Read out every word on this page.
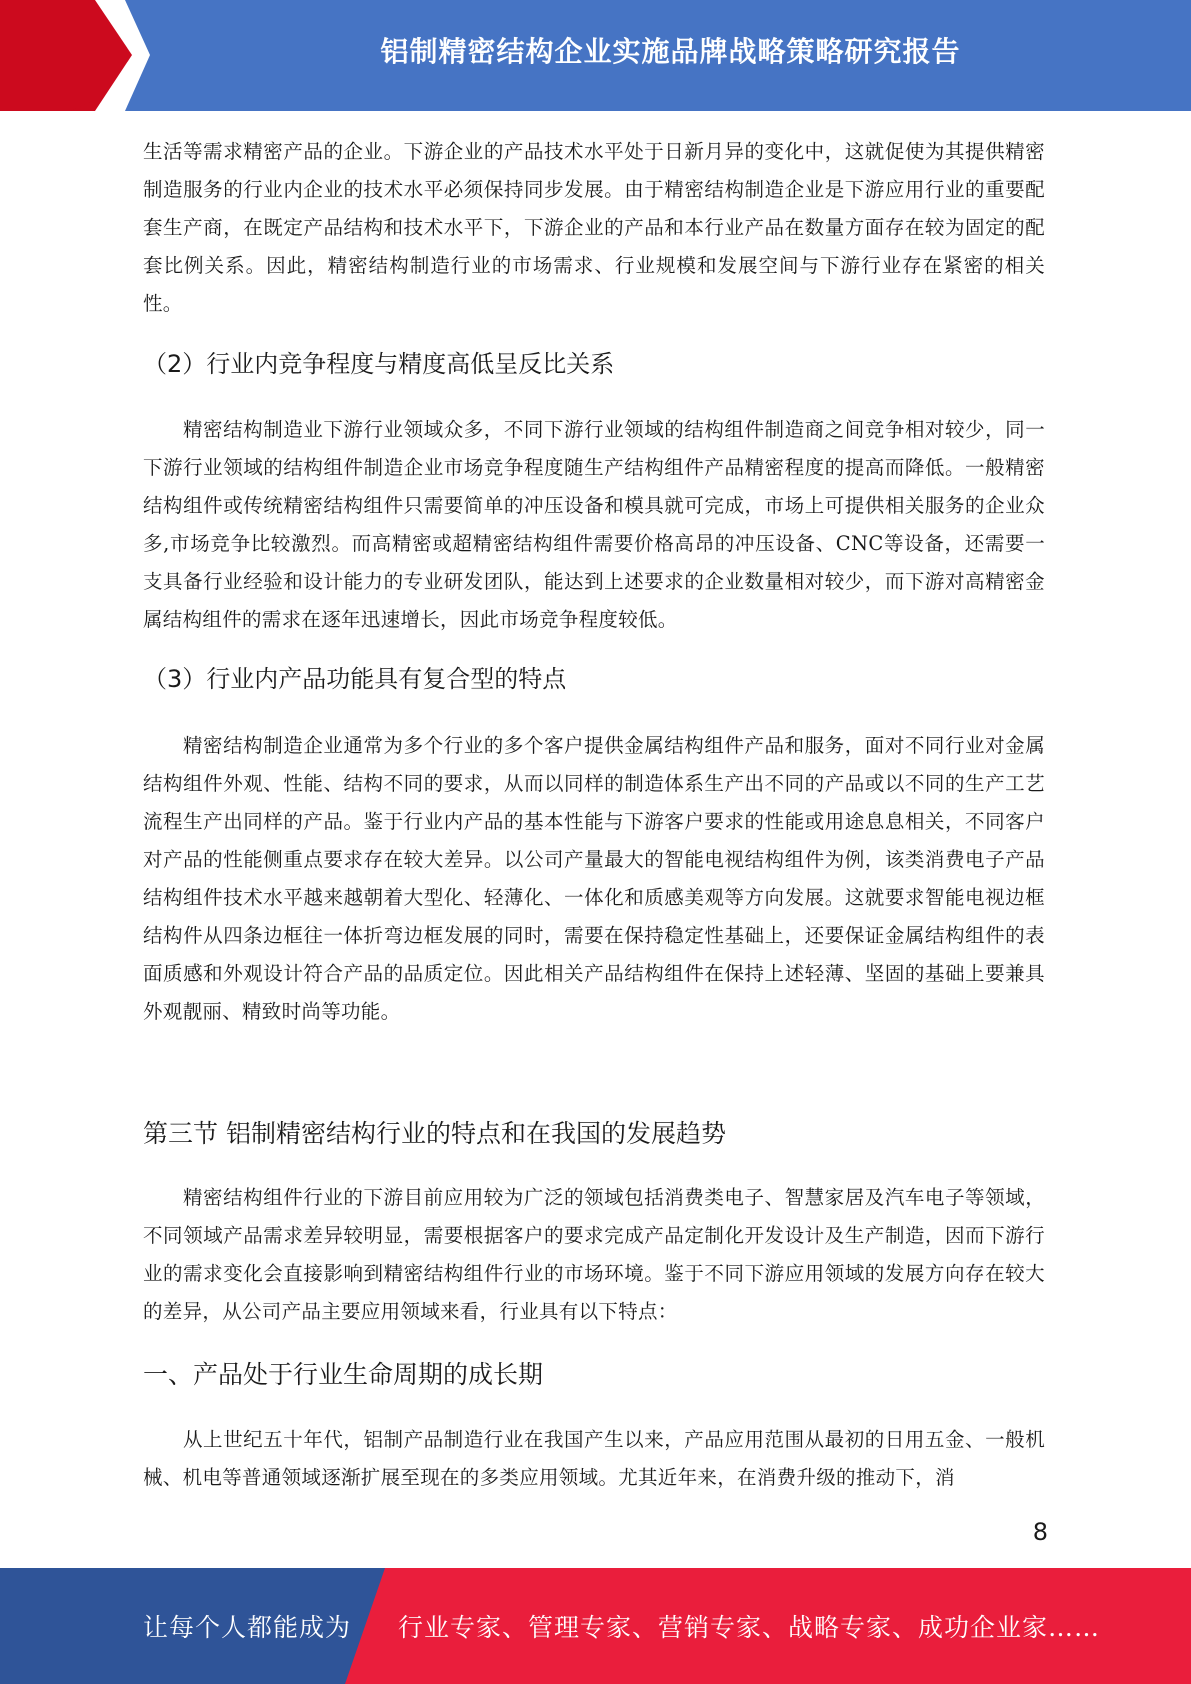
铝制精密结构企业实施品牌战略策略研究报告

生活等需求精密产品的企业。下游企业的产品技术水平处于日新月异的变化中，这就促使为其提供精密制造服务的行业内企业的技术水平必须保持同步发展。由于精密结构制造企业是下游应用行业的重要配套生产商，在既定产品结构和技术水平下，下游企业的产品和本行业产品在数量方面存在较为固定的配套比例关系。因此，精密结构制造行业的市场需求、行业规模和发展空间与下游行业存在紧密的相关性。

（2）行业内竞争程度与精度高低呈反比关系

精密结构制造业下游行业领域众多，不同下游行业领域的结构组件制造商之间竞争相对较少，同一下游行业领域的结构组件制造企业市场竞争程度随生产结构组件产品精密程度的提高而降低。一般精密结构组件或传统精密结构组件只需要简单的冲压设备和模具就可完成，市场上可提供相关服务的企业众多,市场竞争比较激烈。而高精密或超精密结构组件需要价格高昂的冲压设备、CNC等设备，还需要一支具备行业经验和设计能力的专业研发团队，能达到上述要求的企业数量相对较少，而下游对高精密金属结构组件的需求在逐年迅速增长，因此市场竞争程度较低。

（3）行业内产品功能具有复合型的特点

精密结构制造企业通常为多个行业的多个客户提供金属结构组件产品和服务，面对不同行业对金属结构组件外观、性能、结构不同的要求，从而以同样的制造体系生产出不同的产品或以不同的生产工艺流程生产出同样的产品。鉴于行业内产品的基本性能与下游客户要求的性能或用途息息相关，不同客户对产品的性能侧重点要求存在较大差异。以公司产量最大的智能电视结构组件为例，该类消费电子产品结构组件技术水平越来越朝着大型化、轻薄化、一体化和质感美观等方向发展。这就要求智能电视边框结构件从四条边框往一体折弯边框发展的同时，需要在保持稳定性基础上，还要保证金属结构组件的表面质感和外观设计符合产品的品质定位。因此相关产品结构组件在保持上述轻薄、坚固的基础上要兼具外观靓丽、精致时尚等功能。

第三节 铝制精密结构行业的特点和在我国的发展趋势

精密结构组件行业的下游目前应用较为广泛的领域包括消费类电子、智慧家居及汽车电子等领域，不同领域产品需求差异较明显，需要根据客户的要求完成产品定制化开发设计及生产制造，因而下游行业的需求变化会直接影响到精密结构组件行业的市场环境。鉴于不同下游应用领域的发展方向存在较大的差异，从公司产品主要应用领域来看，行业具有以下特点：

一、产品处于行业生命周期的成长期

从上世纪五十年代，铝制产品制造行业在我国产生以来，产品应用范围从最初的日用五金、一般机械、机电等普通领域逐渐扩展至现在的多类应用领域。尤其近年来，在消费升级的推动下，消

8
让每个人都能成为 行业专家、管理专家、营销专家、战略专家、成功企业家……
